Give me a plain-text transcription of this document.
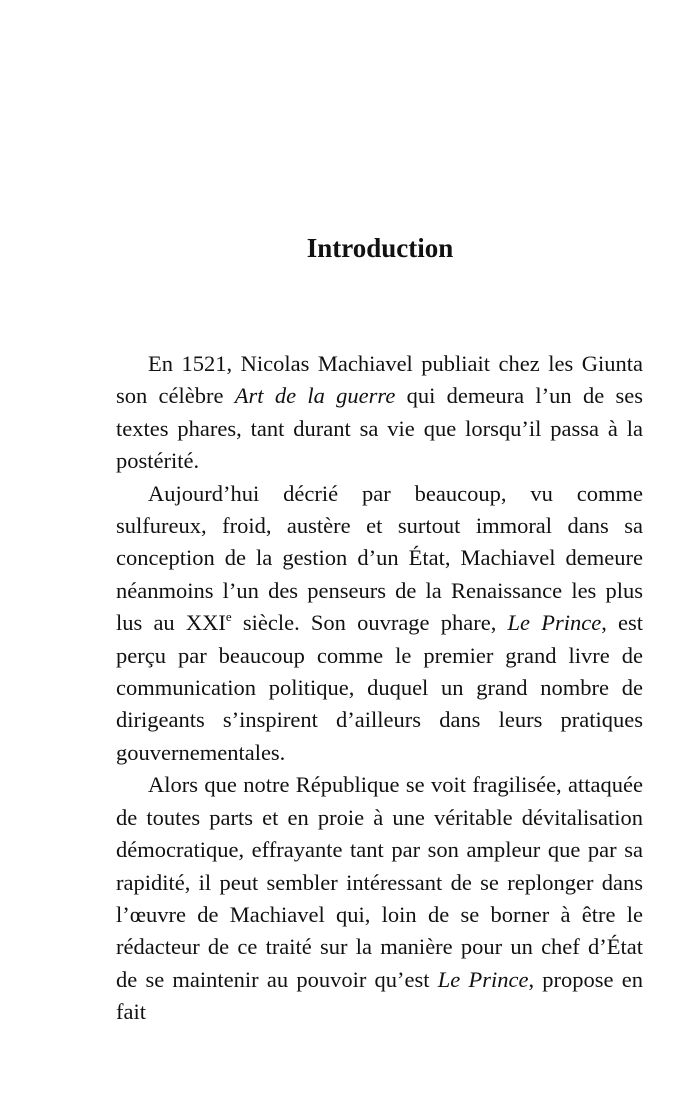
Introduction

En 1521, Nicolas Machiavel publiait chez les Giunta son célèbre Art de la guerre qui demeura l’un de ses textes phares, tant durant sa vie que lorsqu’il passa à la postérité.

Aujourd’hui décrié par beaucoup, vu comme sulfureux, froid, austère et surtout immoral dans sa conception de la gestion d’un État, Machiavel demeure néanmoins l’un des penseurs de la Renaissance les plus lus au XXIe siècle. Son ouvrage phare, Le Prince, est perçu par beaucoup comme le premier grand livre de communication politique, duquel un grand nombre de dirigeants s’inspirent d’ailleurs dans leurs pratiques gouvernementales.

Alors que notre République se voit fragilisée, attaquée de toutes parts et en proie à une véritable dévitalisation démocratique, effrayante tant par son ampleur que par sa rapidité, il peut sembler intéressant de se replonger dans l’œuvre de Machiavel qui, loin de se borner à être le rédacteur de ce traité sur la manière pour un chef d’État de se maintenir au pouvoir qu’est Le Prince, propose en fait
